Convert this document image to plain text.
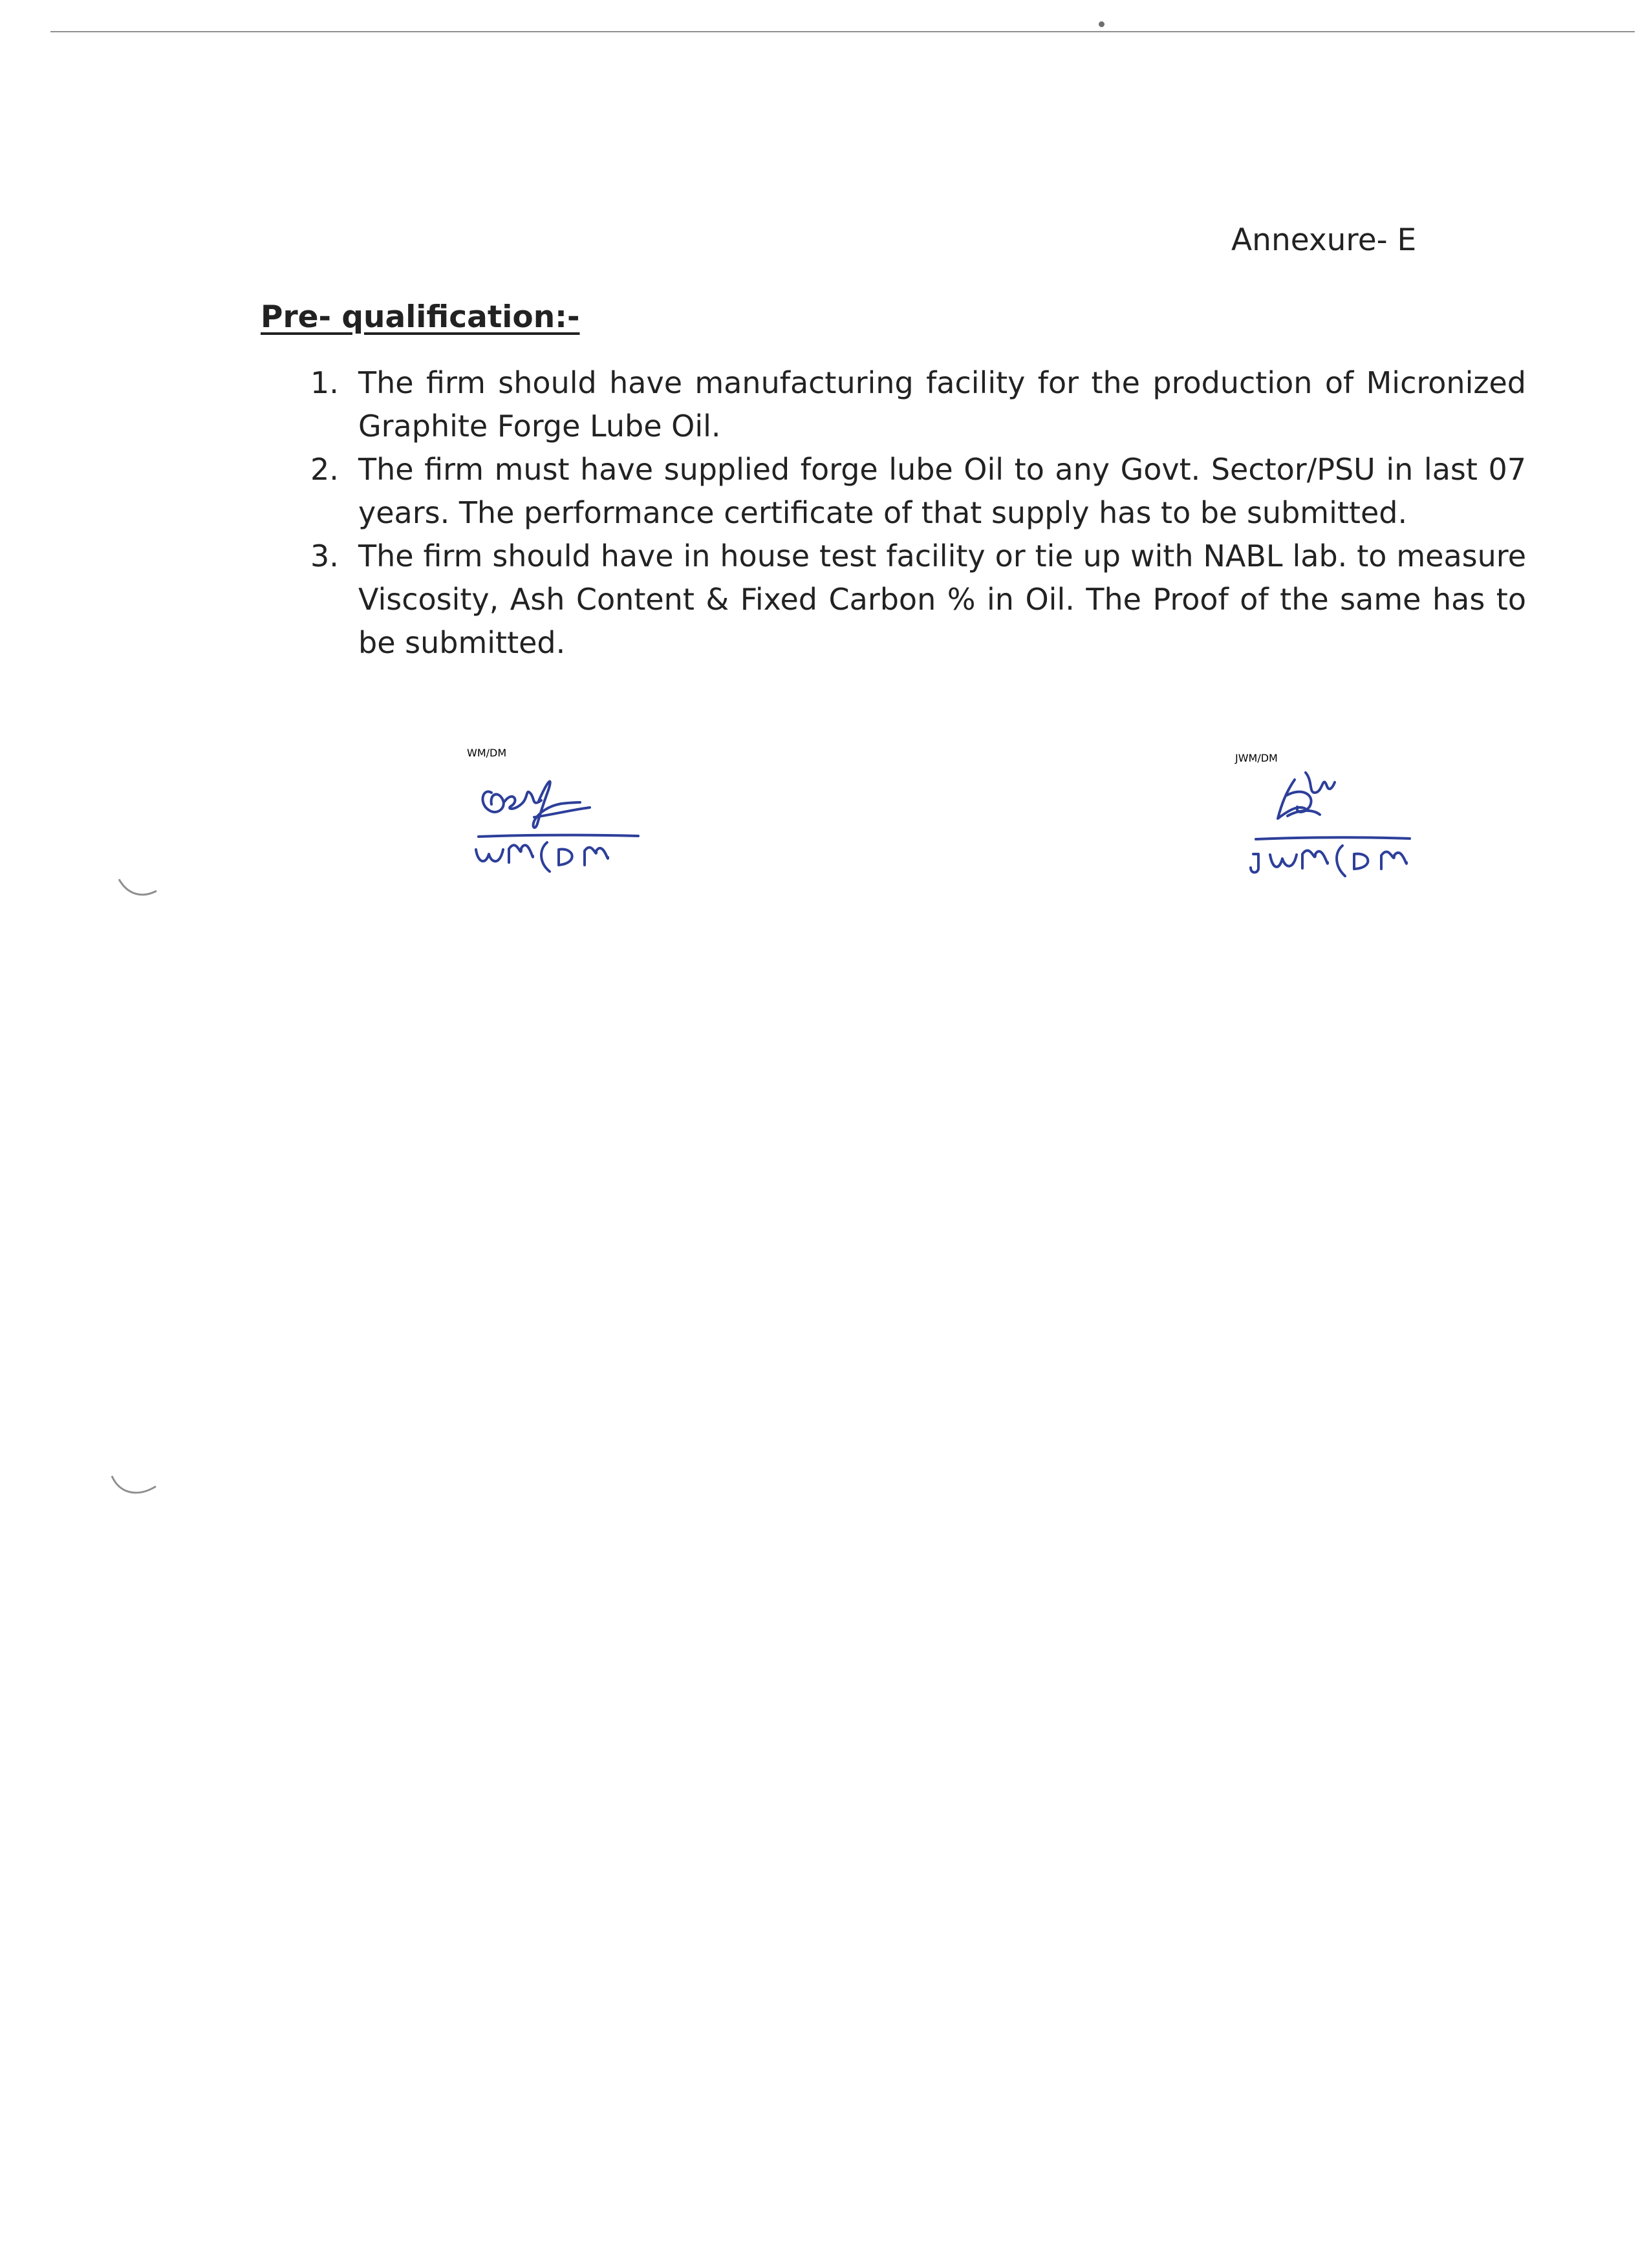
Annexure- E
Pre- qualification:-
1. The firm should have manufacturing facility for the production of Micronized Graphite Forge Lube Oil.
2. The firm must have supplied forge lube Oil to any Govt. Sector/PSU in last 07 years. The performance certificate of that supply has to be submitted.
3. The firm should have in house test facility or tie up with NABL lab. to measure Viscosity, Ash Content & Fixed Carbon % in Oil. The Proof of the same has to be submitted.
WM/DM	JWM/DM
